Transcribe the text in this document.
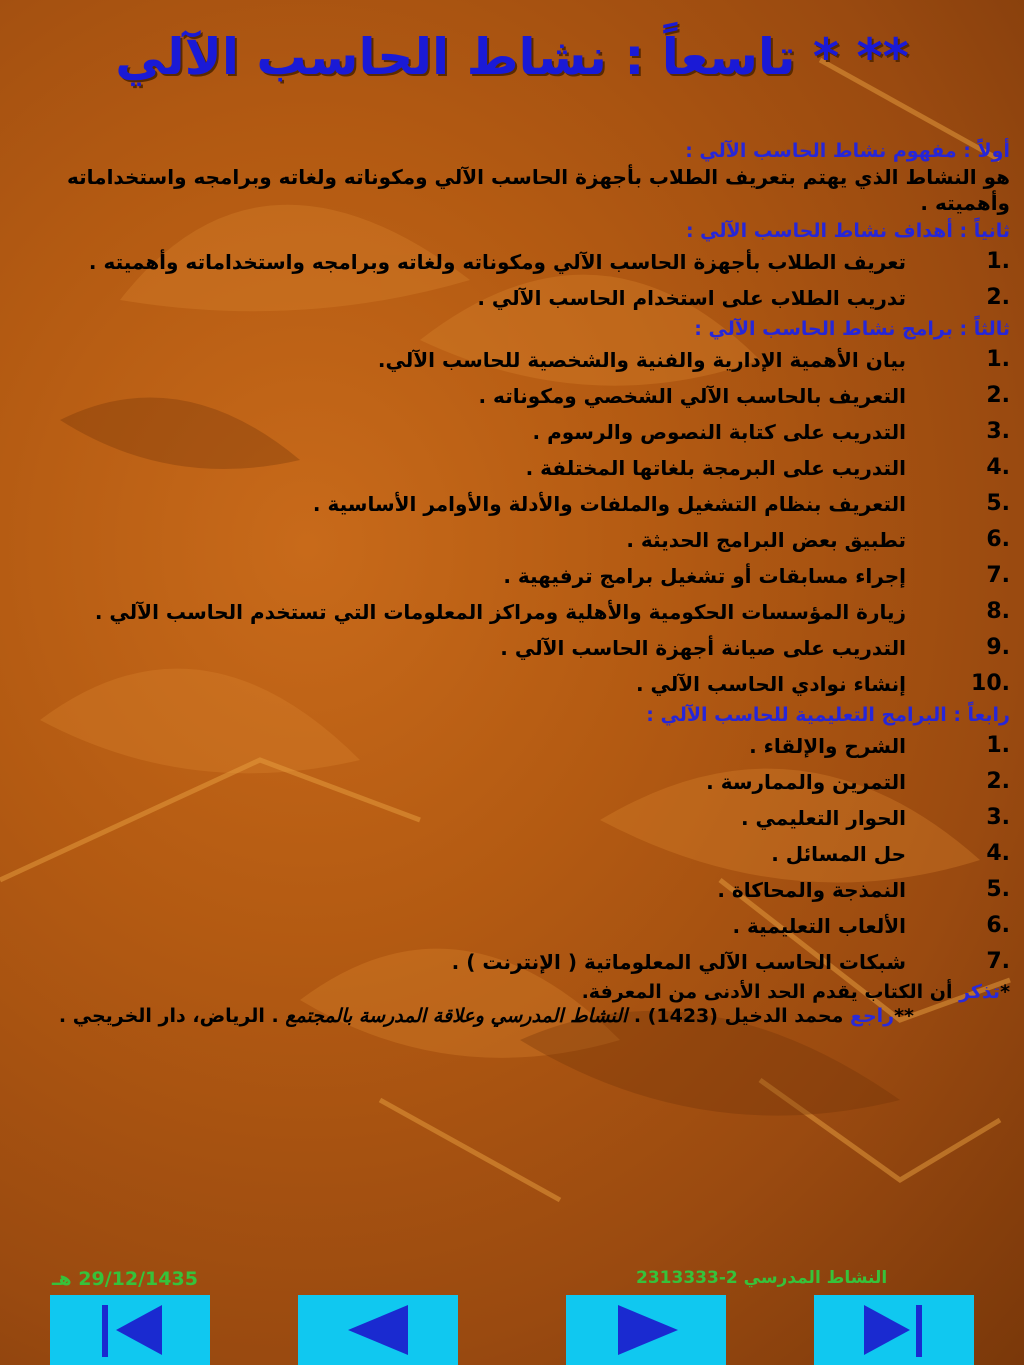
** * تاسعاً : نشاط الحاسب الآلي

أولاًَ : مفهوم نشاط الحاسب الآلي :

هو النشاط الذي يهتم بتعريف الطلاب بأجهزة الحاسب الآلي ومكوناته ولغاته وبرامجه واستخداماته وأهميته .

ثانياً : أهداف نشاط الحاسب الآلي :

1.
تعريف الطلاب بأجهزة الحاسب الآلي ومكوناته ولغاته وبرامجه واستخداماته وأهميته .
2.
تدريب الطلاب على استخدام الحاسب الآلي .

ثالثاً : برامج نشاط الحاسب الآلي :

1.
بيان الأهمية الإدارية والفنية والشخصية للحاسب الآلي.
2.
التعريف بالحاسب الآلي الشخصي ومكوناته .
3.
التدريب على كتابة النصوص والرسوم .
4.
التدريب على البرمجة بلغاتها المختلفة .
5.
التعريف بنظام التشغيل والملفات والأدلة والأوامر الأساسية .
6.
تطبيق بعض البرامج الحديثة .
7.
إجراء مسابقات أو تشغيل برامج ترفيهية .
8.
زيارة المؤسسات الحكومية والأهلية ومراكز المعلومات التي تستخدم الحاسب الآلي .
9.
التدريب على صيانة أجهزة الحاسب الآلي .
10.
إنشاء نوادي الحاسب الآلي .

رابعاً : البرامج التعليمية للحاسب الآلي :

1.
الشرح والإلقاء .
2.
التمرين والممارسة .
3.
الحوار التعليمي .
4.
حل المسائل .
5.
النمذجة والمحاكاة .
6.
الألعاب التعليمية .
7.
شبكات الحاسب الآلي المعلوماتية ( الإنترنت ) .

*تذكر أن الكتاب يقدم الحد الأدنى من المعرفة.

**راجع محمد الدخيل (1423) . النشاط المدرسي وعلاقة المدرسة بالمجتمع . الرياض، دار الخريجي .

29/12/1435 هـ	النشاط المدرسي 2-2313333
